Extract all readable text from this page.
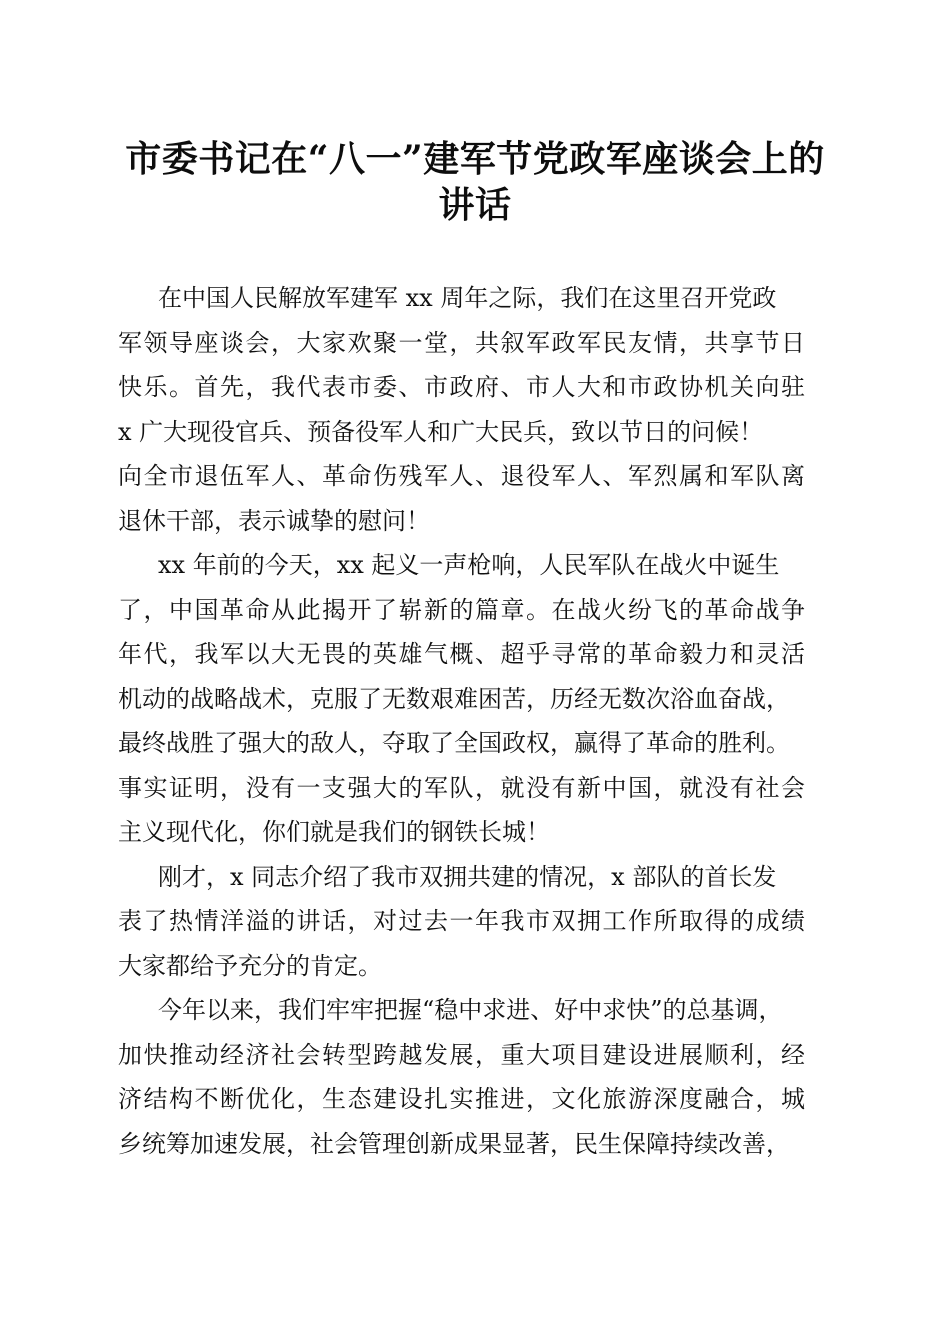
市委书记在“八一”建军节党政军座谈会上的
讲话

在中国人民解放军建军 xx 周年之际，我们在这里召开党政
军领导座谈会，大家欢聚一堂，共叙军政军民友情，共享节日
快乐。首先，我代表市委、市政府、市人大和市政协机关向驻
x 广大现役官兵、预备役军人和广大民兵，致以节日的问候！
向全市退伍军人、革命伤残军人、退役军人、军烈属和军队离
退休干部，表示诚挚的慰问！

xx 年前的今天，xx 起义一声枪响，人民军队在战火中诞生
了，中国革命从此揭开了崭新的篇章。在战火纷飞的革命战争
年代，我军以大无畏的英雄气概、超乎寻常的革命毅力和灵活
机动的战略战术，克服了无数艰难困苦，历经无数次浴血奋战，
最终战胜了强大的敌人，夺取了全国政权，赢得了革命的胜利。
事实证明，没有一支强大的军队，就没有新中国，就没有社会
主义现代化，你们就是我们的钢铁长城！

刚才，x 同志介绍了我市双拥共建的情况，x 部队的首长发
表了热情洋溢的讲话，对过去一年我市双拥工作所取得的成绩
大家都给予充分的肯定。

今年以来，我们牢牢把握“稳中求进、好中求快”的总基调，
加快推动经济社会转型跨越发展，重大项目建设进展顺利，经
济结构不断优化，生态建设扎实推进，文化旅游深度融合，城
乡统筹加速发展，社会管理创新成果显著，民生保障持续改善，
